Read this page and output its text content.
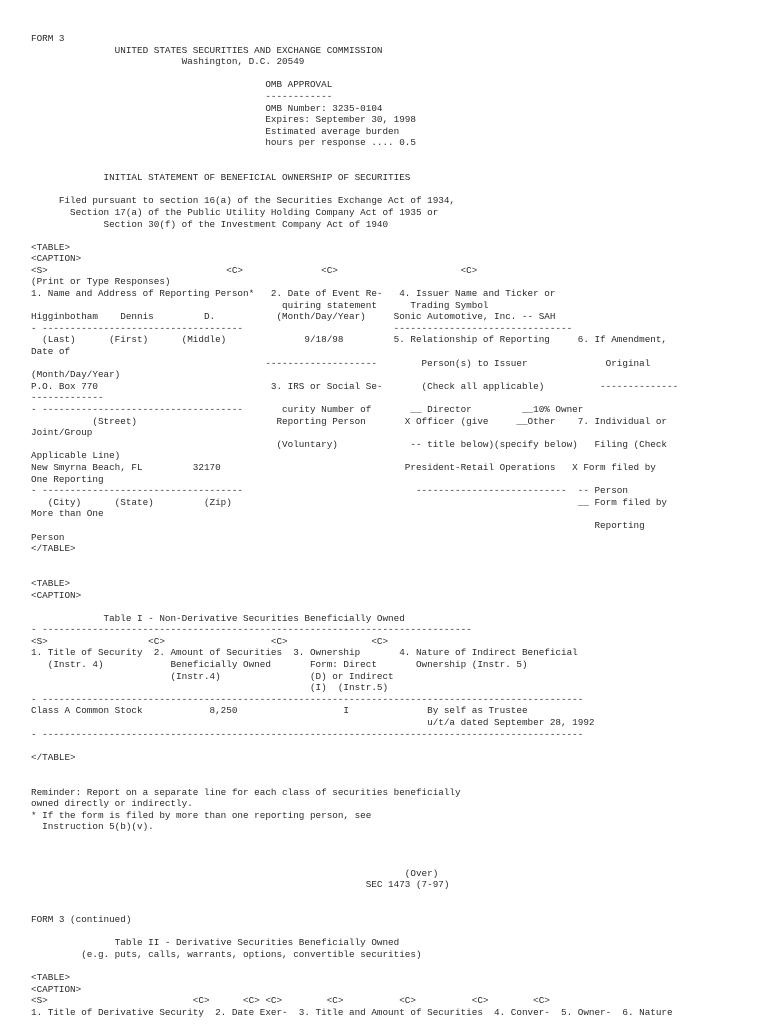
FORM 3
UNITED STATES SECURITIES AND EXCHANGE COMMISSION
Washington, D.C. 20549

OMB APPROVAL
------------
OMB Number: 3235-0104
Expires: September 30, 1998
Estimated average burden
hours per response .... 0.5

INITIAL STATEMENT OF BENEFICIAL OWNERSHIP OF SECURITIES

Filed pursuant to section 16(a) of the Securities Exchange Act of 1934,
Section 17(a) of the Public Utility Holding Company Act of 1935 or
Section 30(f) of the Investment Company Act of 1940

<TABLE>
<CAPTION>
<S>                                <C>              <C>                      <C>
(Print or Type Responses)
1. Name and Address of Reporting Person*   2. Date of Event Re-   4. Issuer Name and Ticker or
quiring statement      Trading Symbol
Higginbotham    Dennis         D.           (Month/Day/Year)     Sonic Automotive, Inc. -- SAH
- ------------------------------------                           --------------------------------
(Last)      (First)      (Middle)              9/18/98         5. Relationship of Reporting     6. If Amendment,
Date of
--------------------        Person(s) to Issuer              Original
(Month/Day/Year)
P.O. Box 770                               3. IRS or Social Se-       (Check all applicable)          --------------
-------------
- ------------------------------------       curity Number of       __ Director         __10% Owner
(Street)                         Reporting Person       X Officer (give     __Other    7. Individual or
Joint/Group
(Voluntary)             -- title below)(specify below)   Filing (Check
Applicable Line)
New Smyrna Beach, FL         32170                                 President-Retail Operations   X Form filed by
One Reporting
- ------------------------------------                               ---------------------------  -- Person
(City)      (State)         (Zip)                                                              __ Form filed by
More than One
Reporting
Person
</TABLE>

<TABLE>
<CAPTION>

Table I - Non-Derivative Securities Beneficially Owned
- -----------------------------------------------------------------------------
<S>                  <C>                   <C>               <C>
1. Title of Security  2. Amount of Securities  3. Ownership       4. Nature of Indirect Beneficial
(Instr. 4)            Beneficially Owned       Form: Direct       Ownership (Instr. 5)
(Instr.4)                (D) or Indirect
(I)  (Instr.5)
- -------------------------------------------------------------------------------------------------
Class A Common Stock            8,250                   I              By self as Trustee
u/t/a dated September 28, 1992
- -------------------------------------------------------------------------------------------------

</TABLE>

Reminder: Report on a separate line for each class of securities beneficially
owned directly or indirectly.
* If the form is filed by more than one reporting person, see
Instruction 5(b)(v).

(Over)
SEC 1473 (7-97)

FORM 3 (continued)

Table II - Derivative Securities Beneficially Owned
(e.g. puts, calls, warrants, options, convertible securities)

<TABLE>
<CAPTION>
<S>                          <C>      <C> <C>        <C>          <C>          <C>        <C>
1. Title of Derivative Security  2. Date Exer-  3. Title and Amount of Securities  4. Conver-  5. Owner-  6. Nature
